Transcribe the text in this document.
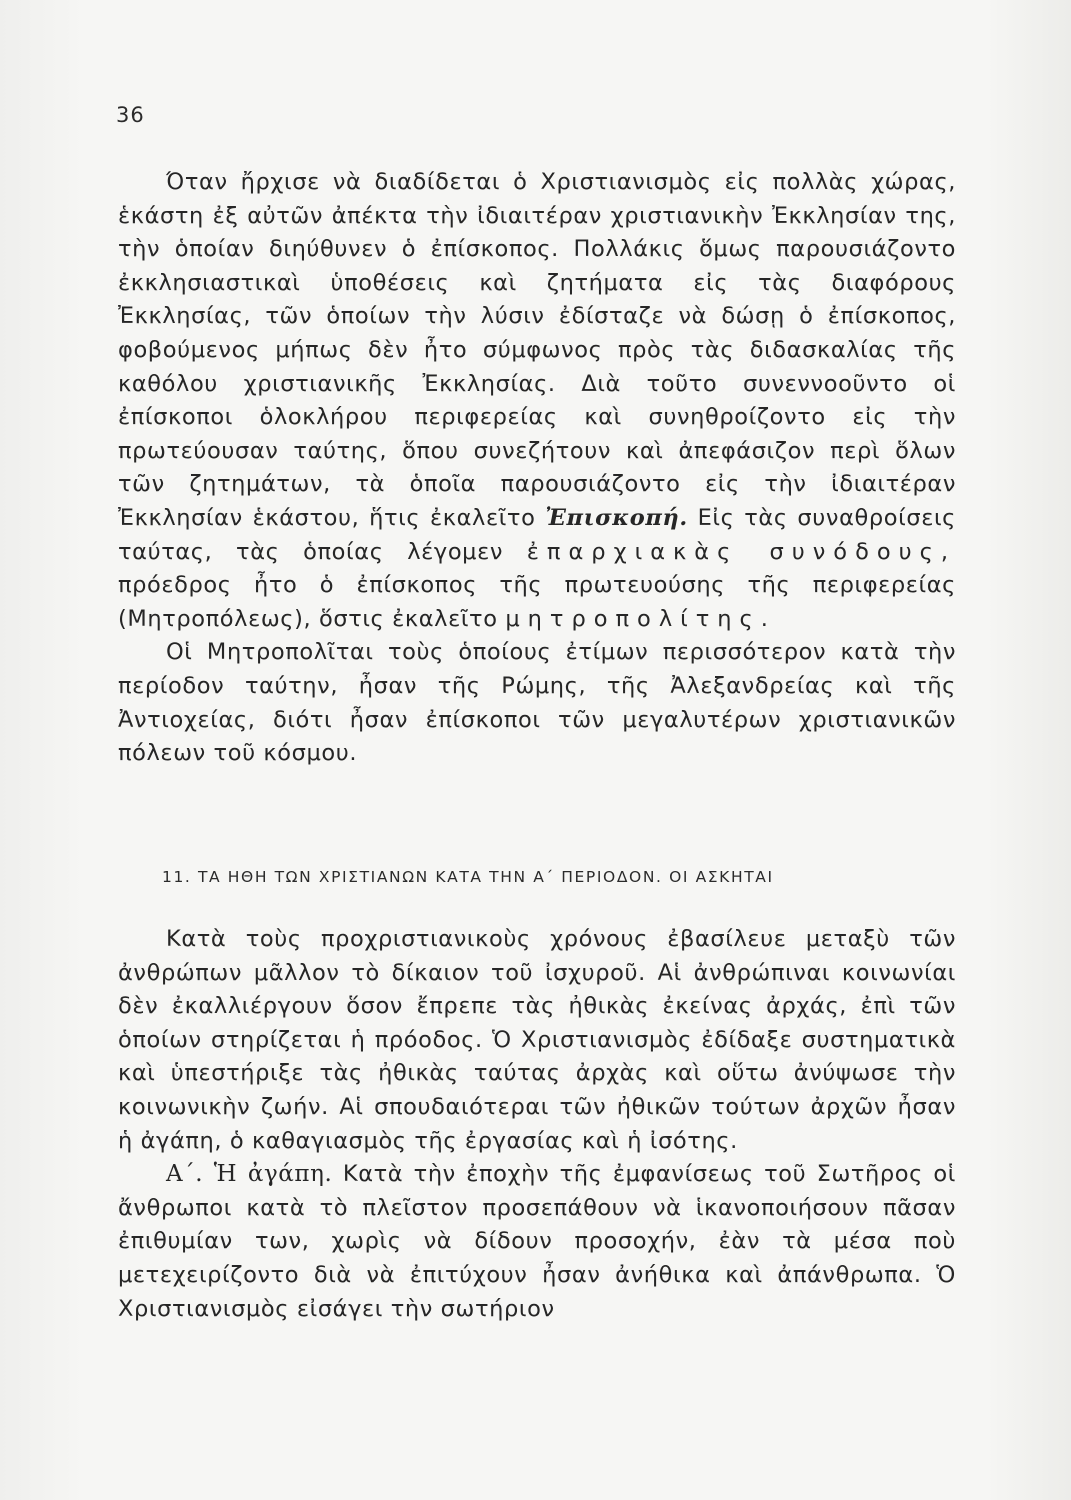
36

Όταν ἤρχισε νὰ διαδίδεται ὁ Χριστιανισμὸς εἰς πολλὰς χώρας, ἑκάστη ἐξ αὐτῶν ἀπέκτα τὴν ἰδιαιτέραν χριστιανικὴν Ἐκκλησίαν της, τὴν ὁποίαν διηύθυνεν ὁ ἐπίσκοπος. Πολλάκις ὅμως παρουσιάζοντο ἐκκλησιαστικαὶ ὑποθέσεις καὶ ζητήματα εἰς τὰς διαφόρους Ἐκκλησίας, τῶν ὁποίων τὴν λύσιν ἐδίσταζε νὰ δώσῃ ὁ ἐπίσκοπος, φοβούμενος μήπως δὲν ἦτο σύμφωνος πρὸς τὰς διδασκαλίας τῆς καθόλου χριστιανικῆς Ἐκκλησίας. Διὰ τοῦτο συνεννοοῦντο οἱ ἐπίσκοποι ὁλοκλήρου περιφερείας καὶ συνηθροίζοντο εἰς τὴν πρωτεύουσαν ταύτης, ὅπου συνεζήτουν καὶ ἀπεφάσιζον περὶ ὅλων τῶν ζητημάτων, τὰ ὁποῖα παρουσιάζοντο εἰς τὴν ἰδιαιτέραν Ἐκκλησίαν ἑκάστου, ἥτις ἐκαλεῖτο Ἐπισκοπή. Εἰς τὰς συναθροίσεις ταύτας, τὰς ὁποίας λέγομεν ἐπαρχιακὰς συνόδους, πρόεδρος ἦτο ὁ ἐπίσκοπος τῆς πρωτευούσης τῆς περιφερείας (Μητροπόλεως), ὅστις ἐκαλεῖτο μητροπολίτης.

Οἱ Μητροπολῖται τοὺς ὁποίους ἐτίμων περισσότερον κατὰ τὴν περίοδον ταύτην, ἦσαν τῆς Ρώμης, τῆς Ἀλεξανδρείας καὶ τῆς Ἀντιοχείας, διότι ἦσαν ἐπίσκοποι τῶν μεγαλυτέρων χριστιανικῶν πόλεων τοῦ κόσμου.

11. ΤΑ ΗΘΗ ΤΩΝ ΧΡΙΣΤΙΑΝΩΝ ΚΑΤΑ ΤΗΝ Α΄ ΠΕΡΙΟΔΟΝ. ΟΙ ΑΣΚΗΤΑΙ

Κατὰ τοὺς προχριστιανικοὺς χρόνους ἐβασίλευε μεταξὺ τῶν ἀνθρώπων μᾶλλον τὸ δίκαιον τοῦ ἰσχυροῦ. Αἱ ἀνθρώπιναι κοινωνίαι δὲν ἐκαλλιέργουν ὅσον ἔπρεπε τὰς ἠθικὰς ἐκείνας ἀρχάς, ἐπὶ τῶν ὁποίων στηρίζεται ἡ πρόοδος. Ὁ Χριστιανισμὸς ἐδίδαξε συστηματικὰ καὶ ὑπεστήριξε τὰς ἠθικὰς ταύτας ἀρχὰς καὶ οὕτω ἀνύψωσε τὴν κοινωνικὴν ζωήν. Αἱ σπουδαιότεραι τῶν ἠθικῶν τούτων ἀρχῶν ἦσαν ἡ ἀγάπη, ὁ καθαγιασμὸς τῆς ἐργασίας καὶ ἡ ἰσότης.

Α΄. Ἡ ἀγάπη. Κατὰ τὴν ἐποχὴν τῆς ἐμφανίσεως τοῦ Σωτῆρος οἱ ἄνθρωποι κατὰ τὸ πλεῖστον προσεπάθουν νὰ ἱκανοποιήσουν πᾶσαν ἐπιθυμίαν των, χωρὶς νὰ δίδουν προσοχήν, ἐὰν τὰ μέσα ποὺ μετεχειρίζοντο διὰ νὰ ἐπιτύχουν ἦσαν ἀνήθικα καὶ ἀπάνθρωπα. Ὁ Χριστιανισμὸς εἰσάγει τὴν σωτήριον
